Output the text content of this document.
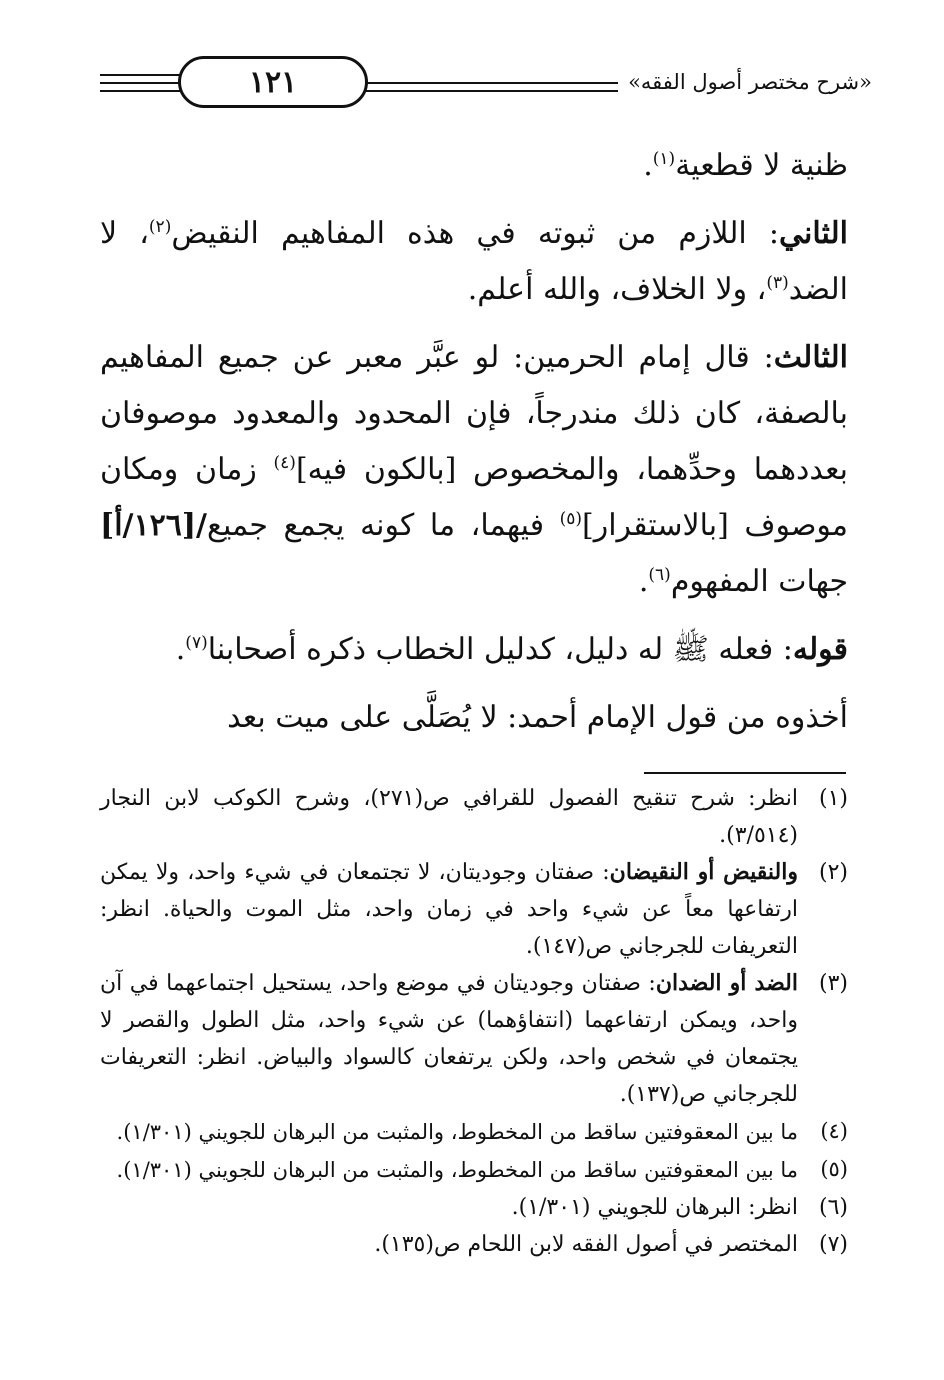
١٢١	«شرح مختصر أصول الفقه»

ظنية لا قطعية$^{(١)}$.

الثاني: اللازم من ثبوته في هذه المفاهيم النقيض$^{(٢)}$، لا الضد$^{(٣)}$، ولا الخلاف، والله أعلم.

الثالث: قال إمام الحرمين: لو عبَّر معبر عن جميع المفاهيم بالصفة، كان ذلك مندرجاً، فإن المحدود والمعدود موصوفان بعددهما وحدِّهما، والمخصوص [بالكون فيه]$^{(٤)}$ زمان ومكان موصوف [بالاستقرار]$^{(٥)}$ فيهما، ما كونه يجمع جميع/[١٢٦/أ] جهات المفهوم$^{(٦)}$.

قوله: فعله ﷺ له دليل، كدليل الخطاب ذكره أصحابنا$^{(٧)}$.

أخذوه من قول الإمام أحمد: لا يُصَلَّى على ميت بعد

(١)
انظر: شرح تنقيح الفصول للقرافي ص(٢٧١)، وشرح الكوكب لابن النجار (٣/٥١٤).
(٢)
والنقيض أو النقيضان: صفتان وجوديتان، لا تجتمعان في شيء واحد، ولا يمكن ارتفاعها معاً عن شيء واحد في زمان واحد، مثل الموت والحياة. انظر: التعريفات للجرجاني ص(١٤٧).
(٣)
الضد أو الضدان: صفتان وجوديتان في موضع واحد، يستحيل اجتماعهما في آن واحد، ويمكن ارتفاعهما (انتفاؤهما) عن شيء واحد، مثل الطول والقصر لا يجتمعان في شخص واحد، ولكن يرتفعان كالسواد والبياض. انظر: التعريفات للجرجاني ص(١٣٧).
(٤)
ما بين المعقوفتين ساقط من المخطوط، والمثبت من البرهان للجويني (١/٣٠١).
(٥)
ما بين المعقوفتين ساقط من المخطوط، والمثبت من البرهان للجويني (١/٣٠١).
(٦)
انظر: البرهان للجويني (١/٣٠١).
(٧)
المختصر في أصول الفقه لابن اللحام ص(١٣٥).
